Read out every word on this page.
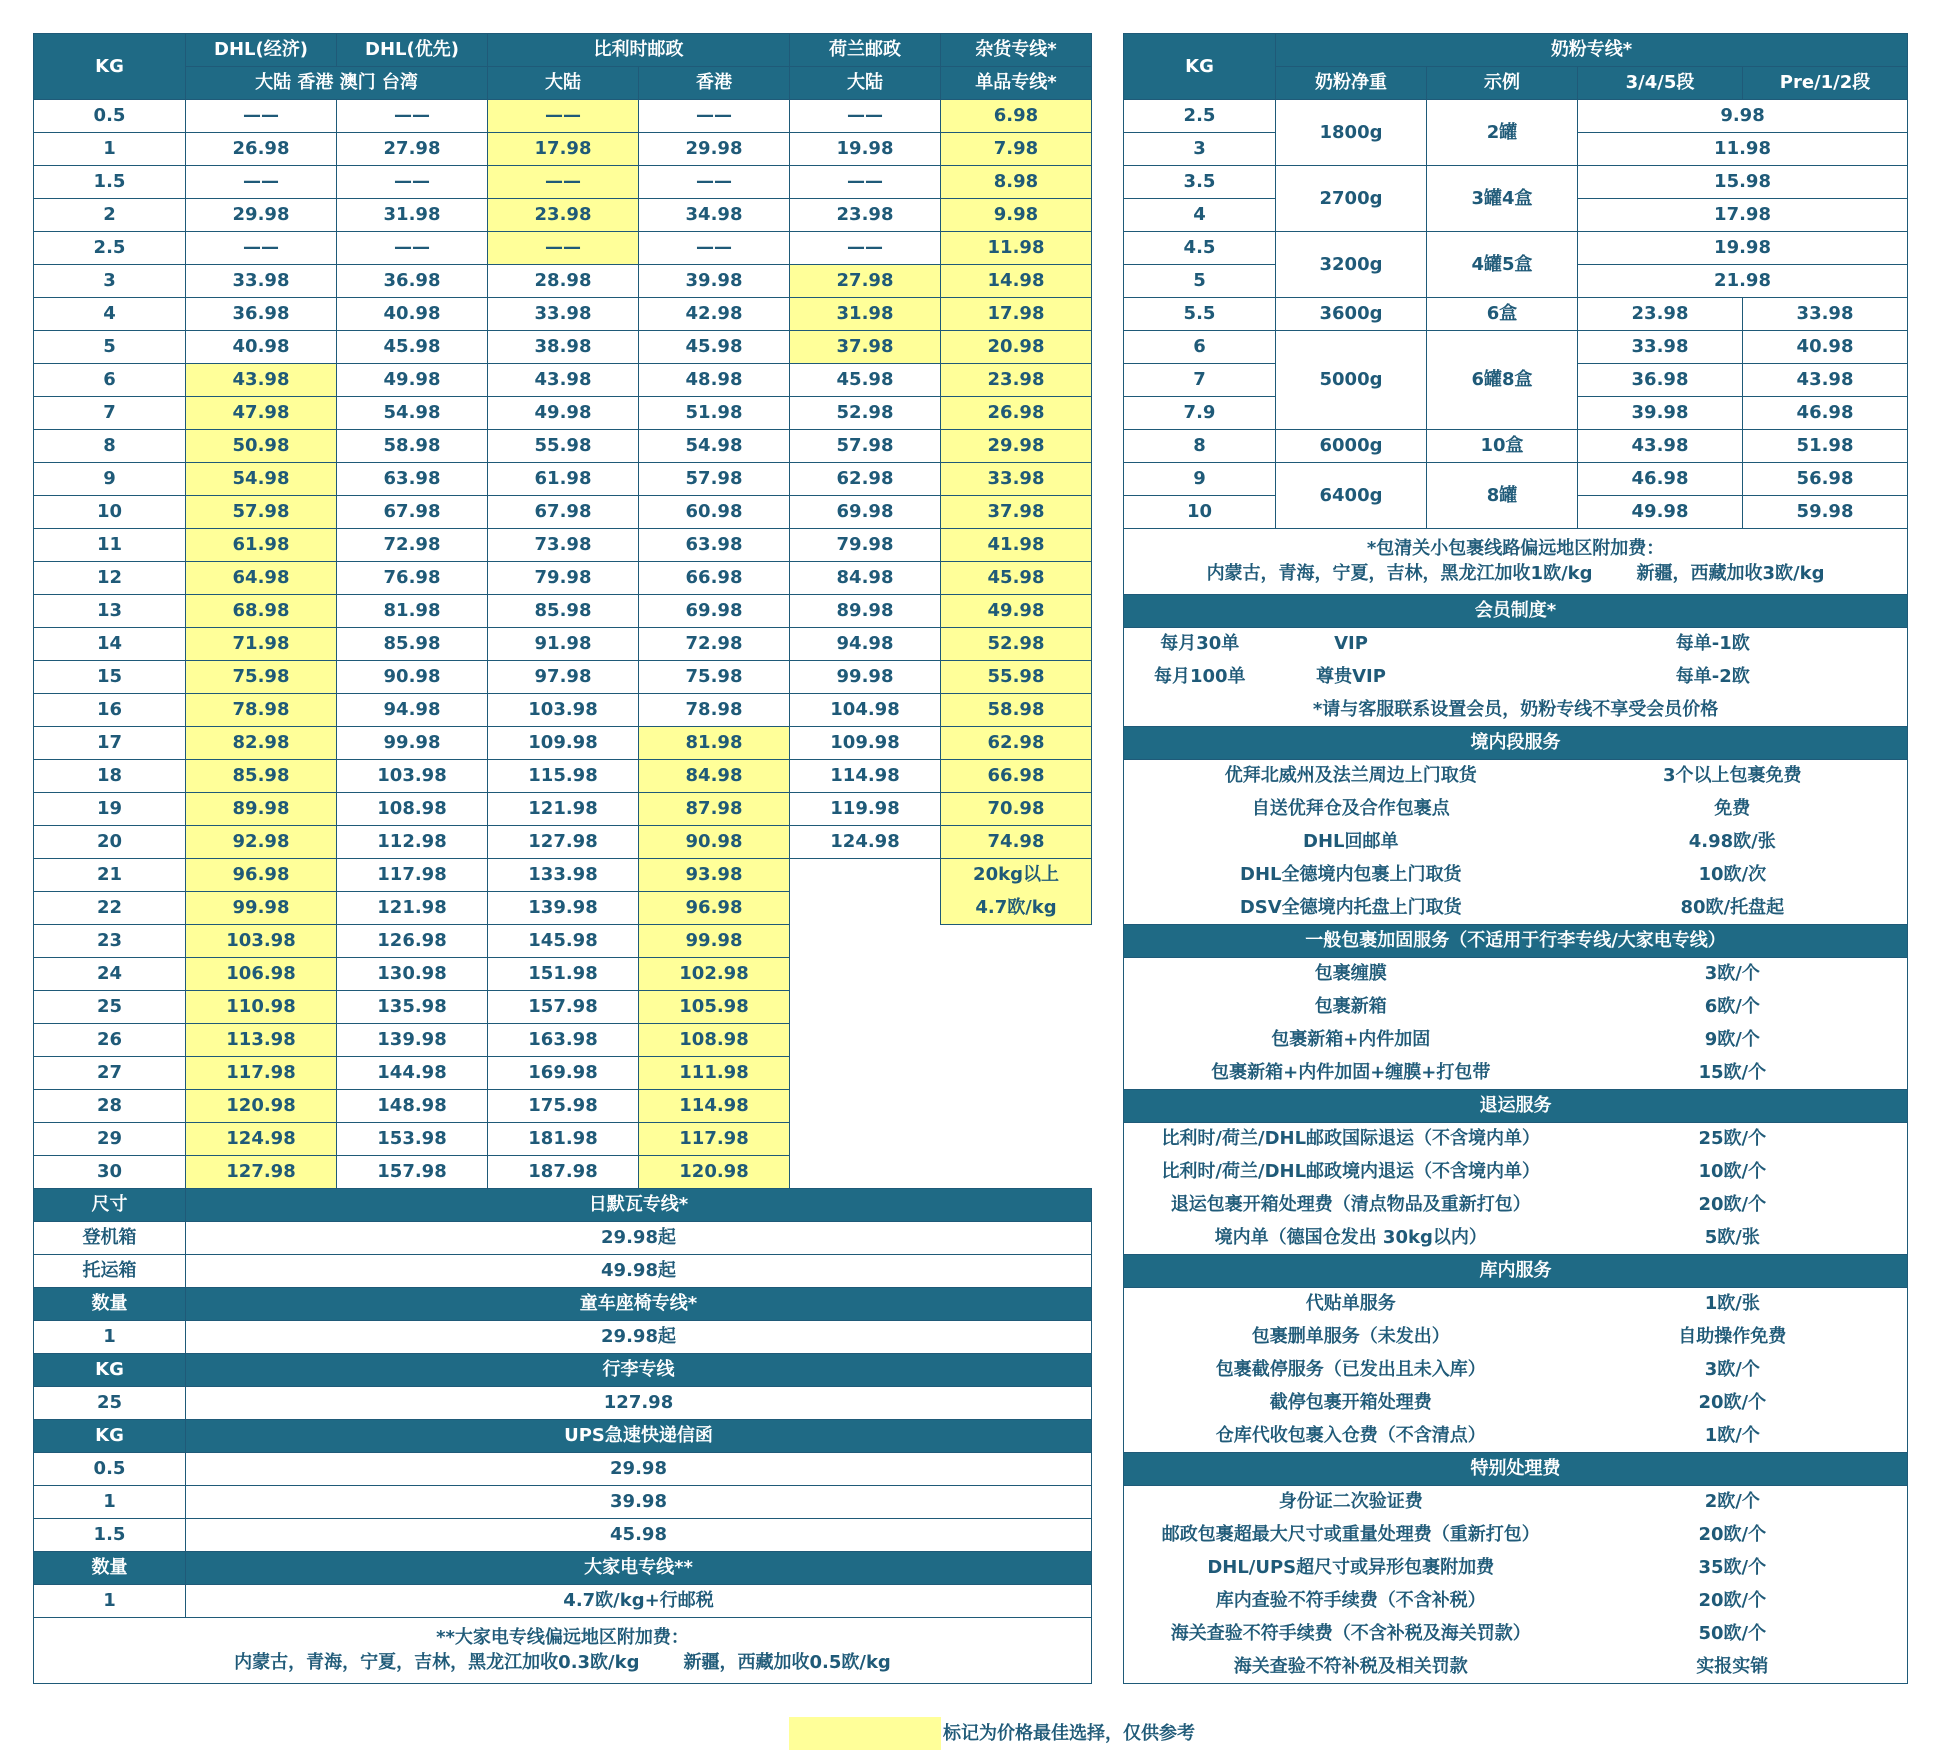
KG	DHL(经济)	DHL(优先)	比利时邮政		荷兰邮政	杂货专线*
	大陆 香港 澳门 台湾		大陆	香港	大陆	单品专线*
0.5	——	——	——	——	——	6.98
1	26.98	27.98	17.98	29.98	19.98	7.98
1.5	——	——	——	——	——	8.98
2	29.98	31.98	23.98	34.98	23.98	9.98
2.5	——	——	——	——	——	11.98
3	33.98	36.98	28.98	39.98	27.98	14.98
4	36.98	40.98	33.98	42.98	31.98	17.98
5	40.98	45.98	38.98	45.98	37.98	20.98
6	43.98	49.98	43.98	48.98	45.98	23.98
7	47.98	54.98	49.98	51.98	52.98	26.98
8	50.98	58.98	55.98	54.98	57.98	29.98
9	54.98	63.98	61.98	57.98	62.98	33.98
10	57.98	67.98	67.98	60.98	69.98	37.98
11	61.98	72.98	73.98	63.98	79.98	41.98
12	64.98	76.98	79.98	66.98	84.98	45.98
13	68.98	81.98	85.98	69.98	89.98	49.98
14	71.98	85.98	91.98	72.98	94.98	52.98
15	75.98	90.98	97.98	75.98	99.98	55.98
16	78.98	94.98	103.98	78.98	104.98	58.98
17	82.98	99.98	109.98	81.98	109.98	62.98
18	85.98	103.98	115.98	84.98	114.98	66.98
19	89.98	108.98	121.98	87.98	119.98	70.98
20	92.98	112.98	127.98	90.98	124.98	74.98
21	96.98	117.98	133.98	93.98		20kg以上
22	99.98	121.98	139.98	96.98		4.7欧/kg
23	103.98	126.98	145.98	99.98		
24	106.98	130.98	151.98	102.98		
25	110.98	135.98	157.98	105.98		
26	113.98	139.98	163.98	108.98		
27	117.98	144.98	169.98	111.98		
28	120.98	148.98	175.98	114.98		
29	124.98	153.98	181.98	117.98		
30	127.98	157.98	187.98	120.98		
尺寸	日默瓦专线*					
登机箱	29.98起					
托运箱	49.98起					
数量	童车座椅专线*					
1	29.98起					
KG	行李专线					
25	127.98					
KG	UPS急速快递信函					
0.5	29.98					
1	39.98					
1.5	45.98					
数量	大家电专线**					
1	4.7欧/kg+行邮税					

**大家电专线偏远地区附加费：
内蒙古，青海，宁夏，吉林，黑龙江加收0.3欧/kg 新疆，西藏加收0.5欧/kg						
KG	奶粉专线*			
	奶粉净重	示例	3/4/5段	Pre/1/2段
2.5	1800g	2罐	9.98	
3			11.98	
3.5	2700g	3罐4盒	15.98	
4			17.98	
4.5	3200g	4罐5盒	19.98	
5			21.98	
5.5	3600g	6盒	23.98	33.98
6	5000g	6罐8盒	33.98	40.98
7			36.98	43.98
7.9			39.98	46.98
8	6000g	10盒	43.98	51.98
9	6400g	8罐	46.98	56.98
10			49.98	59.98

*包清关小包裹线路偏远地区附加费：
内蒙古，青海，宁夏，吉林，黑龙江加收1欧/kg 新疆，西藏加收3欧/kg				

会员制度*				
每月30单	VIP	每单-1欧		
每月100单	尊贵VIP	每单-2欧		
*请与客服联系设置会员，奶粉专线不享受会员价格				
境内段服务				
优拜北威州及法兰周边上门取货			3个以上包裹免费	
自送优拜仓及合作包裹点			免费	
DHL回邮单			4.98欧/张	
DHL全德境内包裹上门取货			10欧/次	
DSV全德境内托盘上门取货			80欧/托盘起	
一般包裹加固服务（不适用于行李专线/大家电专线）				
包裹缠膜			3欧/个	
包裹新箱			6欧/个	
包裹新箱+内件加固			9欧/个	
包裹新箱+内件加固+缠膜+打包带			15欧/个	
退运服务				
比利时/荷兰/DHL邮政国际退运（不含境内单）			25欧/个	
比利时/荷兰/DHL邮政境内退运（不含境内单）			10欧/个	
退运包裹开箱处理费（清点物品及重新打包）			20欧/个	
境内单（德国仓发出 30kg以内）			5欧/张	
库内服务				
代贴单服务			1欧/张	
包裹删单服务（未发出）			自助操作免费	
包裹截停服务（已发出且未入库）			3欧/个	
截停包裹开箱处理费			20欧/个	
仓库代收包裹入仓费（不含清点）			1欧/个	
特别处理费				
身份证二次验证费			2欧/个	
邮政包裹超最大尺寸或重量处理费（重新打包）			20欧/个	
DHL/UPS超尺寸或异形包裹附加费			35欧/个	
库内查验不符手续费（不含补税）			20欧/个	
海关查验不符手续费（不含补税及海关罚款）			50欧/个	
海关查验不符补税及相关罚款			实报实销	
标记为价格最佳选择，仅供参考
